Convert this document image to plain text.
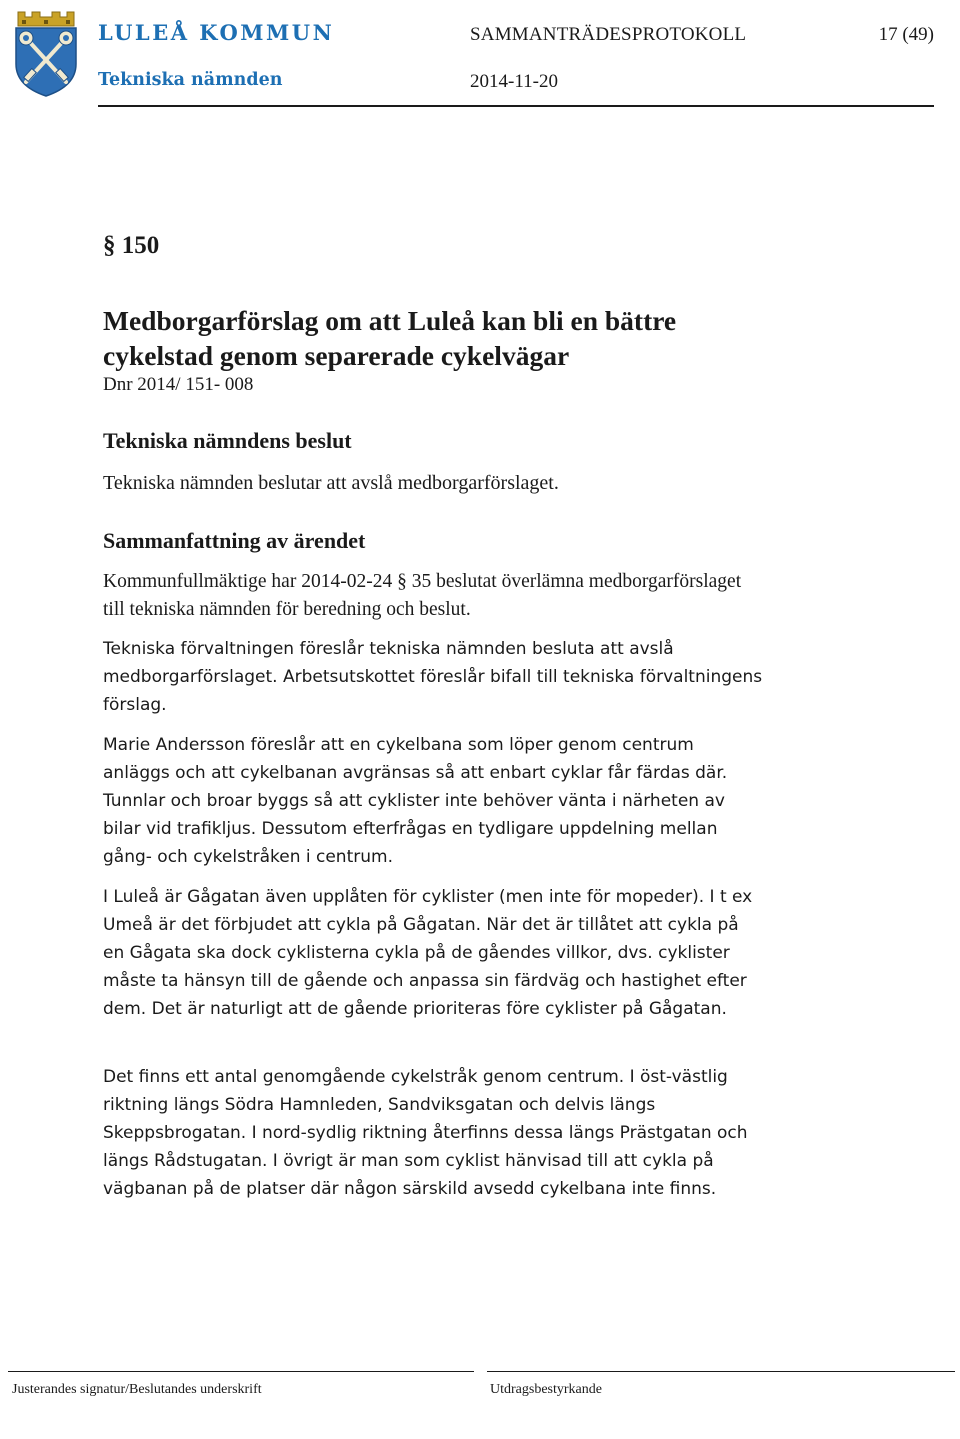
LULEÅ KOMMUN
Tekniska nämnden
SAMMANTRÄDESPROTOKOLL	17 (49)
2014-11-20
§ 150
Medborgarförslag om att Luleå kan bli en bättre
cykelstad genom separerade cykelvägar
Dnr 2014/ 151- 008
Tekniska nämndens beslut
Tekniska nämnden beslutar att avslå medborgarförslaget.
Sammanfattning av ärendet
Kommunfullmäktige har 2014-02-24 § 35 beslutat överlämna medborgarförslaget till tekniska nämnden för beredning och beslut.
Tekniska förvaltningen föreslår tekniska nämnden besluta att avslå medborgarförslaget. Arbetsutskottet föreslår bifall till tekniska förvaltningens förslag.
Marie Andersson föreslår att en cykelbana som löper genom centrum anläggs och att cykelbanan avgränsas så att enbart cyklar får färdas där. Tunnlar och broar byggs så att cyklister inte behöver vänta i närheten av bilar vid trafikljus. Dessutom efterfrågas en tydligare uppdelning mellan gång- och cykelstråken i centrum.
I Luleå är Gågatan även upplåten för cyklister (men inte för mopeder). I t ex Umeå är det förbjudet att cykla på Gågatan. När det är tillåtet att cykla på en Gågata ska dock cyklisterna cykla på de gåendes villkor, dvs. cyklister måste ta hänsyn till de gående och anpassa sin färdväg och hastighet efter dem. Det är naturligt att de gående prioriteras före cyklister på Gågatan.
Det finns ett antal genomgående cykelstråk genom centrum. I öst-västlig riktning längs Södra Hamnleden, Sandviksgatan och delvis längs Skeppsbrogatan. I nord-sydlig riktning återfinns dessa längs Prästgatan och längs Rådstugatan. I övrigt är man som cyklist hänvisad till att cykla på vägbanan på de platser där någon särskild avsedd cykelbana inte finns.
Justerandes signatur/Beslutandes underskrift	Utdragsbestyrkande
